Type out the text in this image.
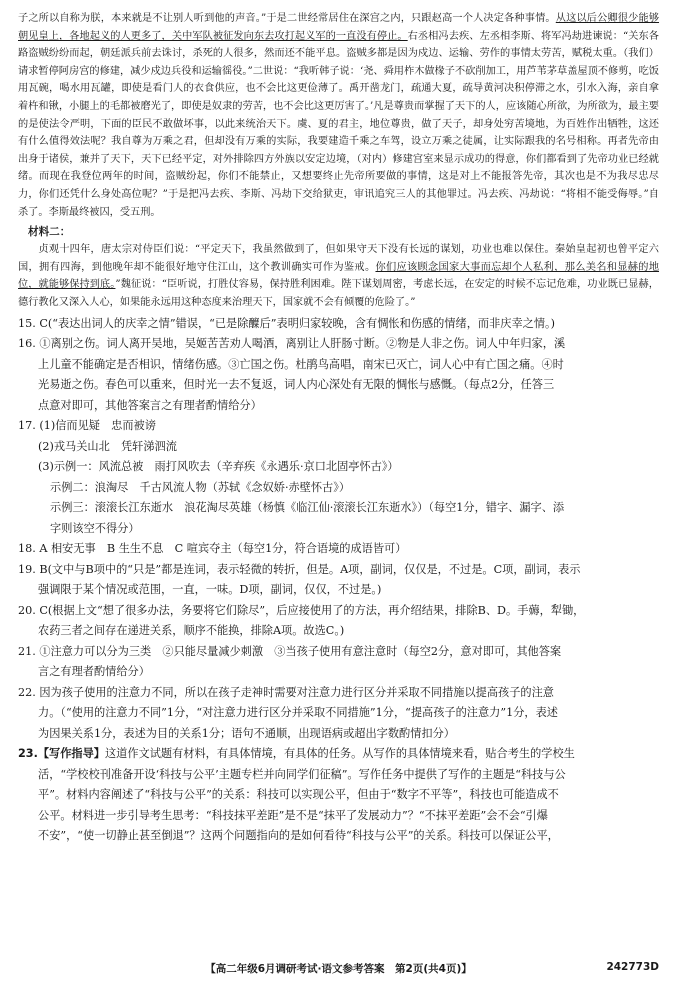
子之所以自称为朕，本来就是不让别人听到他的声音。”于是二世经常居住在深宫之内，只跟赵高一个人决定各种事情。从这以后公卿很少能够朝见皇上，各地起义的人更多了，关中军队被征发向东去攻打起义军的一直没有停止。右丞相冯去疾、左丞相李斯、将军冯劫进谏说：“关东各路盗贼纷纷而起，朝廷派兵前去诛讨，杀死的人很多，然而还不能平息。盗贼多都是因为戍边、运输、劳作的事情太劳苦，赋税太重。（我们）请求暂停阿房宫的修建，减少戍边兵役和运输徭役。”二世说：“我听韩子说：‘尧、舜用柞木做椽子不砍削加工，用芦苇茅草盖屋顶不修剪，吃饭用瓦碗，喝水用瓦罐，即使是看门人的衣食供应，也不会比这更俭薄了。禹开凿龙门，疏通大夏，疏导黄河决积停滞之水，引水入海，亲自拿着杵和锹，小腿上的毛都被磨光了，即使是奴隶的劳苦，也不会比这更厉害了。’凡是尊贵而掌握了天下的人，应该随心所欲，为所欲为，最主要的是使法令严明，下面的臣民不敢做坏事，以此来统治天下。虞、夏的君主，地位尊贵，做了天子，却身处穷苦境地，为百姓作出牺牲，这还有什么值得效法呢？我自尊为万乘之君，但却没有万乘的实际，我要建造千乘之车驾，设立万乘之徒属，让实际跟我的名号相称。再者先帝由出身于诸侯，兼并了天下，天下已经平定，对外排除四方外族以安定边境，（对内）修建宫室来显示成功的得意，你们都看到了先帝功业已经就绪。而现在我登位两年的时间，盗贼纷起，你们不能禁止，又想要终止先帝所要做的事情，这是对上不能报答先帝，其次也是不为我尽忠尽力，你们还凭什么身处高位呢？”于是把冯去疾、李斯、冯劫下交给狱吏，审讯追究三人的其他罪过。冯去疾、冯劫说：“将相不能受侮辱。”自杀了。李斯最终被囚，受五刑。

材料二：

贞观十四年，唐太宗对侍臣们说：“平定天下，我虽然做到了，但如果守天下没有长远的谋划，功业也难以保住。秦始皇起初也曾平定六国，拥有四海，到他晚年却不能很好地守住江山，这个教训确实可作为鉴戒。你们应该顾念国家大事而忘却个人私利，那么美名和显赫的地位，就能够保持到底。”魏征说：“臣听说，打胜仗容易，保持胜利困难。陛下谋划周密，考虑长远，在安定的时候不忘记危难，功业既已显赫，德行教化又深入人心，如果能永远用这种态度来治理天下，国家就不会有倾覆的危险了。”

15. C(“表达出词人的庆幸之情”错误，“已是除醾后”表明归家较晚，含有惆怅和伤感的情绪，而非庆幸之情。)
16. ①离别之伤。词人离开吴地，吴姬苦苦劝人喝酒，离别让人肝肠寸断。②物是人非之伤。词人中年归家，溪
上儿童不能确定是否相识，情绪伤感。③亡国之伤。杜鹃鸟高唱，南宋已灭亡，词人心中有亡国之痛。④时
光易逝之伤。春色可以重来，但时光一去不复返，词人内心深处有无限的惆怅与感慨。（每点2分，任答三
点意对即可，其他答案言之有理者酌情给分）
17. (1)信而见疑　忠而被谤
(2)戎马关山北　凭轩涕泗流
(3)示例一：风流总被　雨打风吹去（辛弃疾《永遇乐·京口北固亭怀古》）
示例二：浪淘尽　千古风流人物（苏轼《念奴娇·赤壁怀古》）
示例三：滚滚长江东逝水　浪花淘尽英雄（杨慎《临江仙·滚滚长江东逝水》）（每空1分，错字、漏字、添
字则该空不得分）
18. A 相安无事　B 生生不息　C 喧宾夺主（每空1分，符合语境的成语皆可）
19. B(文中与B项中的“只是”都是连词，表示轻微的转折，但是。A项，副词，仅仅是，不过是。C项，副词，表示
强调限于某个情况或范围，一直，一味。D项，副词，仅仅，不过是。)
20. C(根据上文“想了很多办法，务要将它们除尽”，后应接使用了的方法，再介绍结果，排除B、D。手薅，犁锄，
农药三者之间存在递进关系，顺序不能换，排除A项。故选C。)
21. ①注意力可以分为三类　②只能尽量减少刺激　③当孩子使用有意注意时（每空2分，意对即可，其他答案
言之有理者酌情给分）
22. 因为孩子使用的注意力不同，所以在孩子走神时需要对注意力进行区分并采取不同措施以提高孩子的注意
力。（“使用的注意力不同”1分，“对注意力进行区分并采取不同措施”1分，“提高孩子的注意力”1分，表述
为因果关系1分，表述为目的关系1分；语句不通顺，出现语病或超出字数酌情扣分）
23.【写作指导】这道作文试题有材料，有具体情境，有具体的任务。从写作的具体情境来看，贴合考生的学校生
活，“学校校刊准备开设‘科技与公平’主题专栏并向同学们征稿”。写作任务中提供了写作的主题是“科技与公
平”。材料内容阐述了“科技与公平”的关系：科技可以实现公平，但由于“数字不平等”，科技也可能造成不
公平。材料进一步引导考生思考：“科技抹平差距”是不是“抹平了发展动力”？“不抹平差距”会不会“引爆
不安”，“使一切静止甚至倒退”？这两个问题指向的是如何看待“科技与公平”的关系。科技可以保证公平，
【高二年级6月调研考试·语文参考答案　第2页(共4页)】	242773D
